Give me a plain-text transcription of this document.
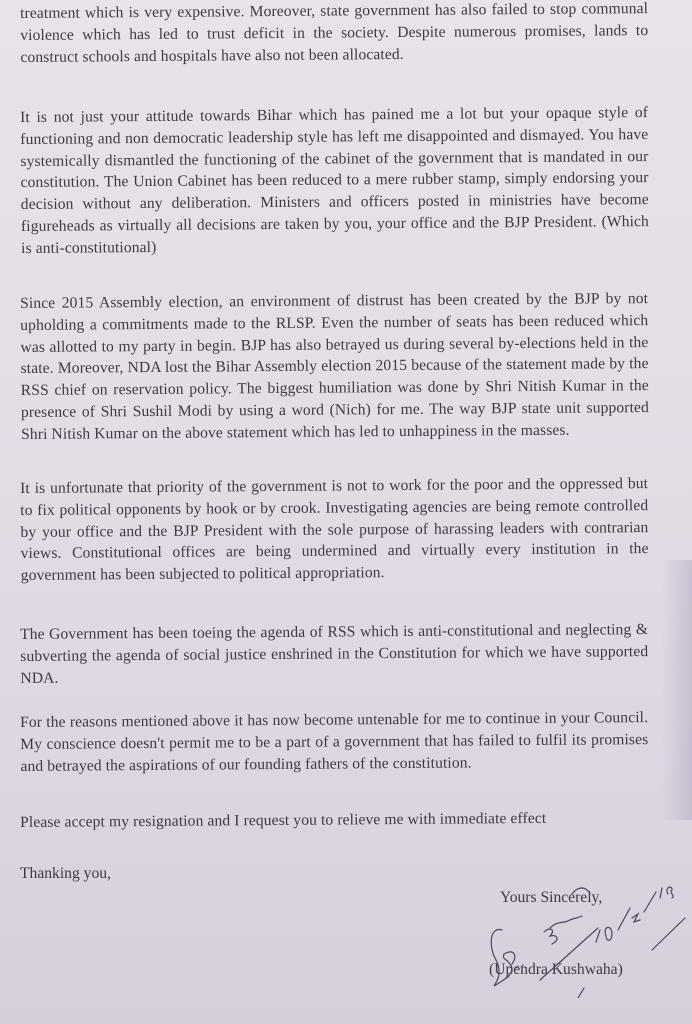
treatment which is very expensive. Moreover, state government has also failed to stop communal violence which has led to trust deficit in the society. Despite numerous promises, lands to construct schools and hospitals have also not been allocated.

It is not just your attitude towards Bihar which has pained me a lot but your opaque style of functioning and non democratic leadership style has left me disappointed and dismayed. You have systemically dismantled the functioning of the cabinet of the government that is mandated in our constitution. The Union Cabinet has been reduced to a mere rubber stamp, simply endorsing your decision without any deliberation. Ministers and officers posted in ministries have become figureheads as virtually all decisions are taken by you, your office and the BJP President. (Which is anti-constitutional)

Since 2015 Assembly election, an environment of distrust has been created by the BJP by not upholding a commitments made to the RLSP. Even the number of seats has been reduced which was allotted to my party in begin. BJP has also betrayed us during several by-elections held in the state. Moreover, NDA lost the Bihar Assembly election 2015 because of the statement made by the RSS chief on reservation policy. The biggest humiliation was done by Shri Nitish Kumar in the presence of Shri Sushil Modi by using a word (Nich) for me. The way BJP state unit supported Shri Nitish Kumar on the above statement which has led to unhappiness in the masses.

It is unfortunate that priority of the government is not to work for the poor and the oppressed but to fix political opponents by hook or by crook. Investigating agencies are being remote controlled by your office and the BJP President with the sole purpose of harassing leaders with contrarian views. Constitutional offices are being undermined and virtually every institution in the government has been subjected to political appropriation.

The Government has been toeing the agenda of RSS which is anti-constitutional and neglecting & subverting the agenda of social justice enshrined in the Constitution for which we have supported NDA.

For the reasons mentioned above it has now become untenable for me to continue in your Council. My conscience doesn't permit me to be a part of a government that has failed to fulfil its promises and betrayed the aspirations of our founding fathers of the constitution.

Please accept my resignation and I request you to relieve me with immediate effect

Thanking you,
Yours Sincerely,
(Upendra Kushwaha)
